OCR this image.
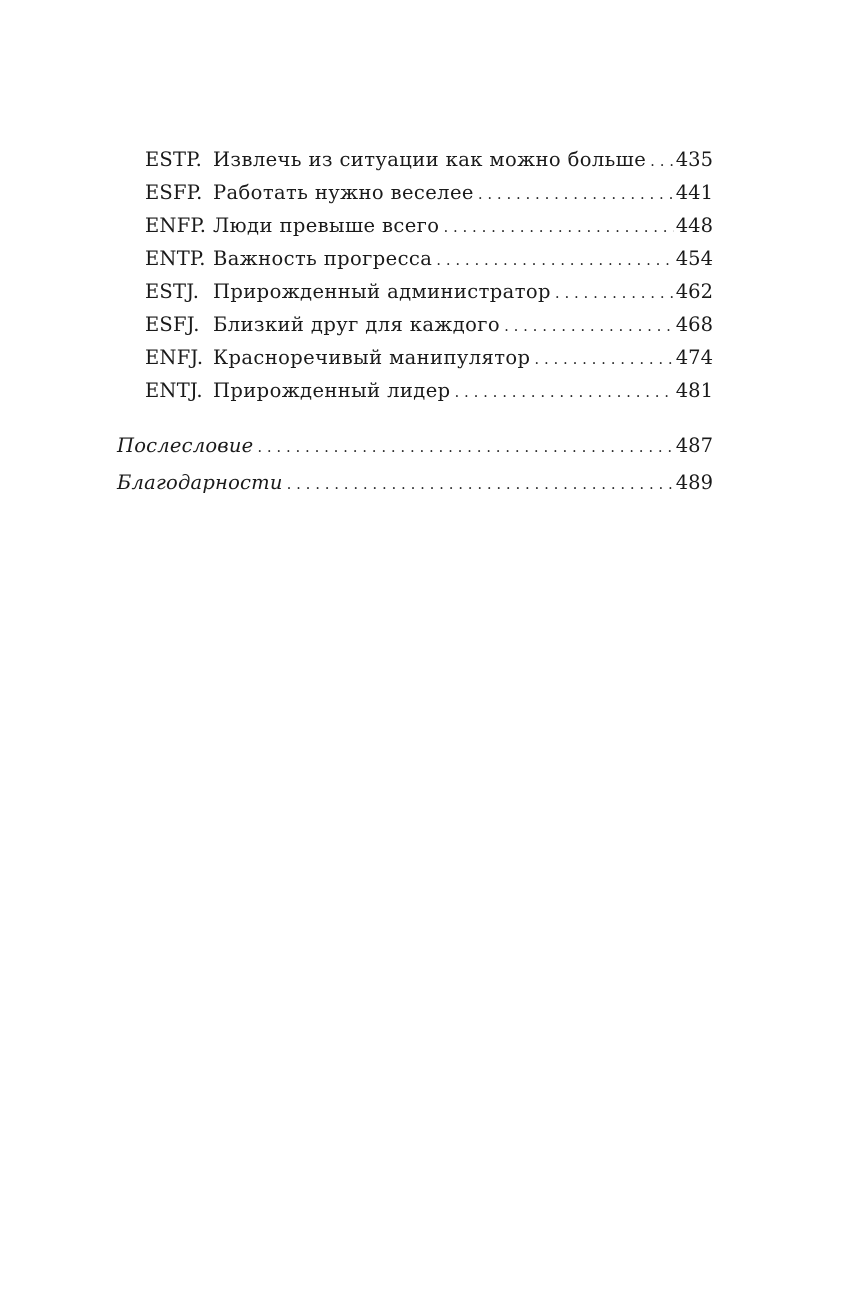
ESTP. Извлечь из ситуации как можно больше . . . 435
ESFP. Работать нужно веселее . . .	441
ENFP. Люди превыше всего . . .	448
ENTP. Важность прогресса . . .	454
ESTJ. Прирожденный администратор . . .	462
ESFJ. Близкий друг для каждого . . .	468
ENFJ. Красноречивый манипулятор . . .	474
ENTJ. Прирожденный лидер . . .	481
Послесловие . . .	487
Благодарности . . .	489
